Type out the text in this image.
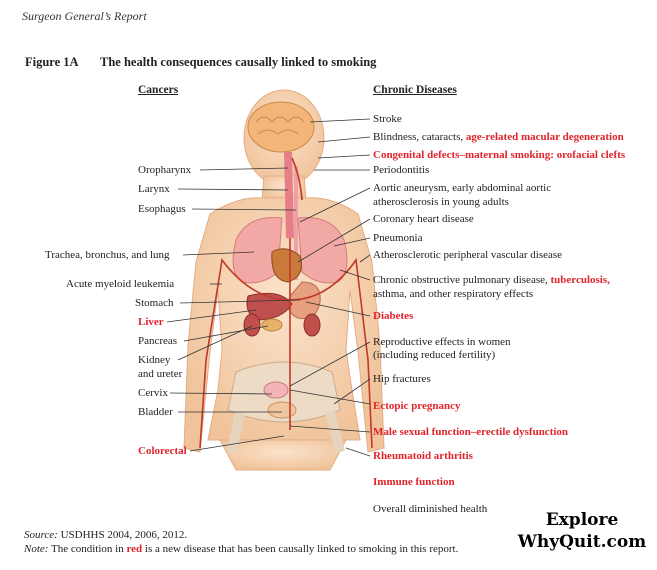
Surgeon General’s Report
Figure 1A The health consequences causally linked to smoking
Cancers	Chronic Diseases
Oropharynx
Larynx
Esophagus
Trachea, bronchus, and lung
Acute myeloid leukemia
Stomach
Liver
Pancreas
Kidney
and ureter
Cervix
Bladder
Colorectal
Stroke
Blindness, cataracts, age-related macular degeneration
Congenital defects–maternal smoking: orofacial clefts
Periodontitis
Aortic aneurysm, early abdominal aortic
atherosclerosis in young adults
Coronary heart disease
Pneumonia
Atherosclerotic peripheral vascular disease
Chronic obstructive pulmonary disease, tuberculosis,
asthma, and other respiratory effects
Diabetes
Reproductive effects in women
(including reduced fertility)
Hip fractures
Ectopic pregnancy
Male sexual function–erectile dysfunction
Rheumatoid arthritis
Immune function
Overall diminished health
Source: USDHHS 2004, 2006, 2012.
Note: The condition in red is a new disease that has been causally linked to smoking in this report.
Explore
WhyQuit.com
